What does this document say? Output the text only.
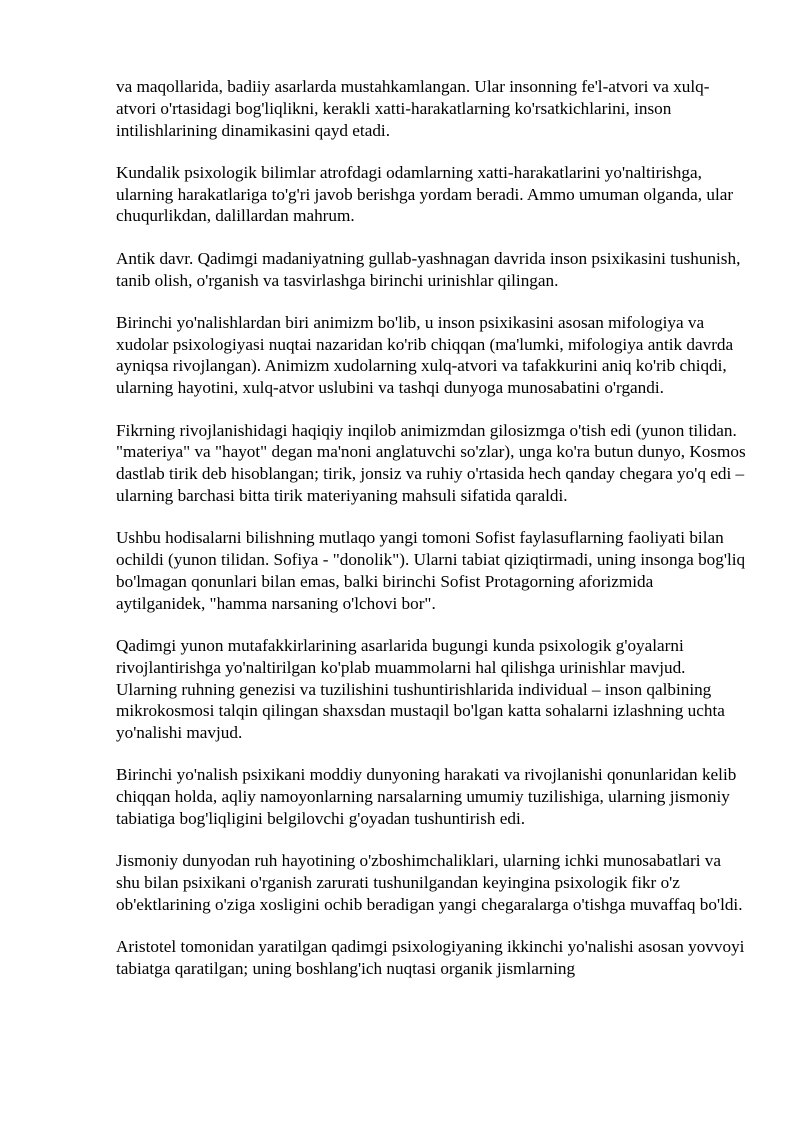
va maqollarida, badiiy asarlarda mustahkamlangan. Ular insonning fe'l-atvori va xulq-atvori o'rtasidagi bog'liqlikni, kerakli xatti-harakatlarning ko'rsatkichlarini, inson intilishlarining dinamikasini qayd etadi.

Kundalik psixologik bilimlar atrofdagi odamlarning xatti-harakatlarini yo'naltirishga, ularning harakatlariga to'g'ri javob berishga yordam beradi. Ammo umuman olganda, ular chuqurlikdan, dalillardan mahrum.

Antik davr. Qadimgi madaniyatning gullab-yashnagan davrida inson psixikasini tushunish, tanib olish, o'rganish va tasvirlashga birinchi urinishlar qilingan.

Birinchi yo'nalishlardan biri animizm bo'lib, u inson psixikasini asosan mifologiya va xudolar psixologiyasi nuqtai nazaridan ko'rib chiqqan (ma'lumki, mifologiya antik davrda ayniqsa rivojlangan). Animizm xudolarning xulq-atvori va tafakkurini aniq ko'rib chiqdi, ularning hayotini, xulq-atvor uslubini va tashqi dunyoga munosabatini o'rgandi.

Fikrning rivojlanishidagi haqiqiy inqilob animizmdan gilosizmga o'tish edi (yunon tilidan. "materiya" va "hayot" degan ma'noni anglatuvchi so'zlar), unga ko'ra butun dunyo, Kosmos dastlab tirik deb hisoblangan; tirik, jonsiz va ruhiy o'rtasida hech qanday chegara yo'q edi – ularning barchasi bitta tirik materiyaning mahsuli sifatida qaraldi.

Ushbu hodisalarni bilishning mutlaqo yangi tomoni Sofist faylasuflarning faoliyati bilan ochildi (yunon tilidan. Sofiya - "donolik"). Ularni tabiat qiziqtirmadi, uning insonga bog'liq bo'lmagan qonunlari bilan emas, balki birinchi Sofist Protagorning aforizmida aytilganidek, "hamma narsaning o'lchovi bor".

Qadimgi yunon mutafakkirlarining asarlarida bugungi kunda psixologik g'oyalarni rivojlantirishga yo'naltirilgan ko'plab muammolarni hal qilishga urinishlar mavjud. Ularning ruhning genezisi va tuzilishini tushuntirishlarida individual – inson qalbining mikrokosmosi talqin qilingan shaxsdan mustaqil bo'lgan katta sohalarni izlashning uchta yo'nalishi mavjud.

Birinchi yo'nalish psixikani moddiy dunyoning harakati va rivojlanishi qonunlaridan kelib chiqqan holda, aqliy namoyonlarning narsalarning umumiy tuzilishiga, ularning jismoniy tabiatiga bog'liqligini belgilovchi g'oyadan tushuntirish edi.

Jismoniy dunyodan ruh hayotining o'zboshimchaliklari, ularning ichki munosabatlari va shu bilan psixikani o'rganish zarurati tushunilgandan keyingina psixologik fikr o'z ob'ektlarining o'ziga xosligini ochib beradigan yangi chegaralarga o'tishga muvaffaq bo'ldi.

Aristotel tomonidan yaratilgan qadimgi psixologiyaning ikkinchi yo'nalishi asosan yovvoyi tabiatga qaratilgan; uning boshlang'ich nuqtasi organik jismlarning
